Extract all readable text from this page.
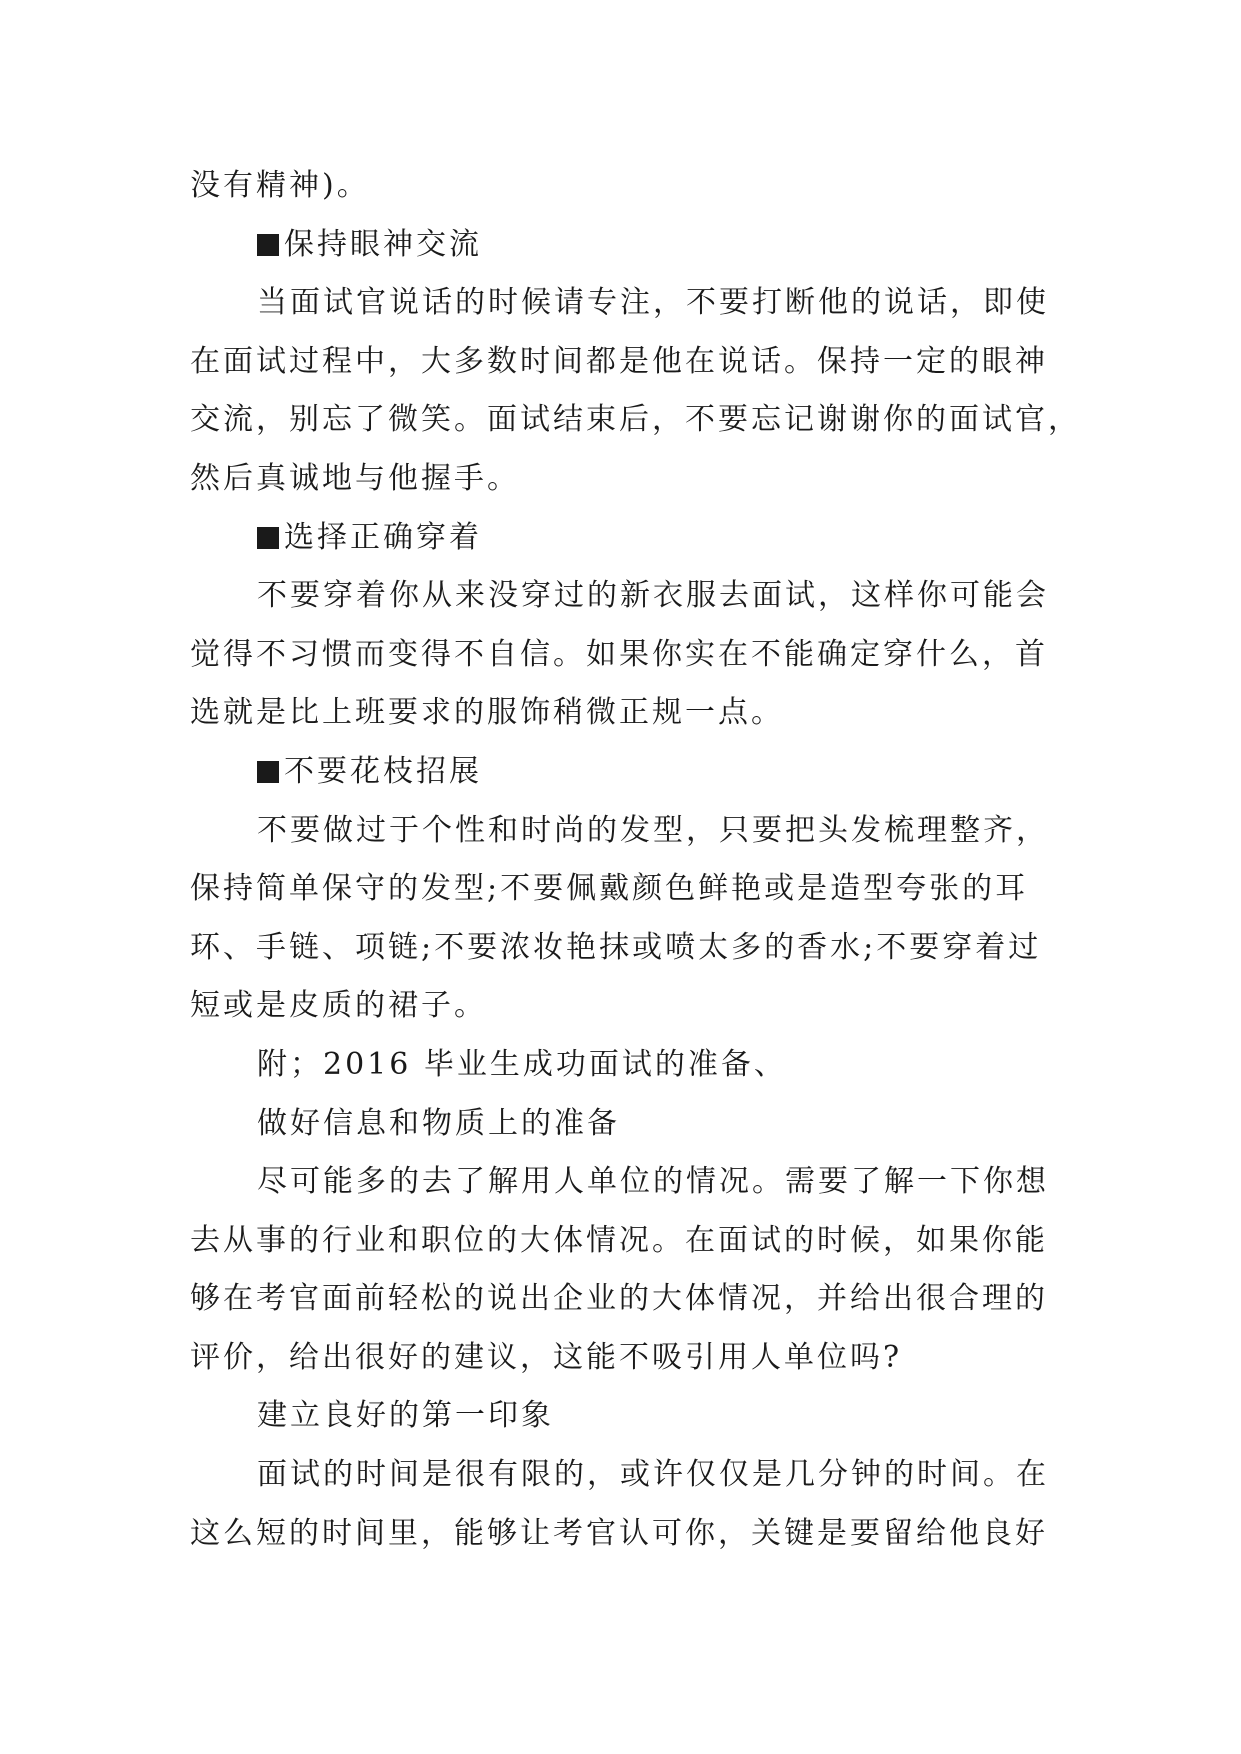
没有精神)。
保持眼神交流
当面试官说话的时候请专注，不要打断他的说话，即使
在面试过程中，大多数时间都是他在说话。保持一定的眼神
交流，别忘了微笑。面试结束后，不要忘记谢谢你的面试官，
然后真诚地与他握手。
选择正确穿着
不要穿着你从来没穿过的新衣服去面试，这样你可能会
觉得不习惯而变得不自信。如果你实在不能确定穿什么，首
选就是比上班要求的服饰稍微正规一点。
不要花枝招展
不要做过于个性和时尚的发型，只要把头发梳理整齐，
保持简单保守的发型;不要佩戴颜色鲜艳或是造型夸张的耳
环、手链、项链;不要浓妆艳抹或喷太多的香水;不要穿着过
短或是皮质的裙子。
附；2016 毕业生成功面试的准备、
做好信息和物质上的准备
尽可能多的去了解用人单位的情况。需要了解一下你想
去从事的行业和职位的大体情况。在面试的时候，如果你能
够在考官面前轻松的说出企业的大体情况，并给出很合理的
评价，给出很好的建议，这能不吸引用人单位吗?
建立良好的第一印象
面试的时间是很有限的，或许仅仅是几分钟的时间。在
这么短的时间里，能够让考官认可你，关键是要留给他良好
